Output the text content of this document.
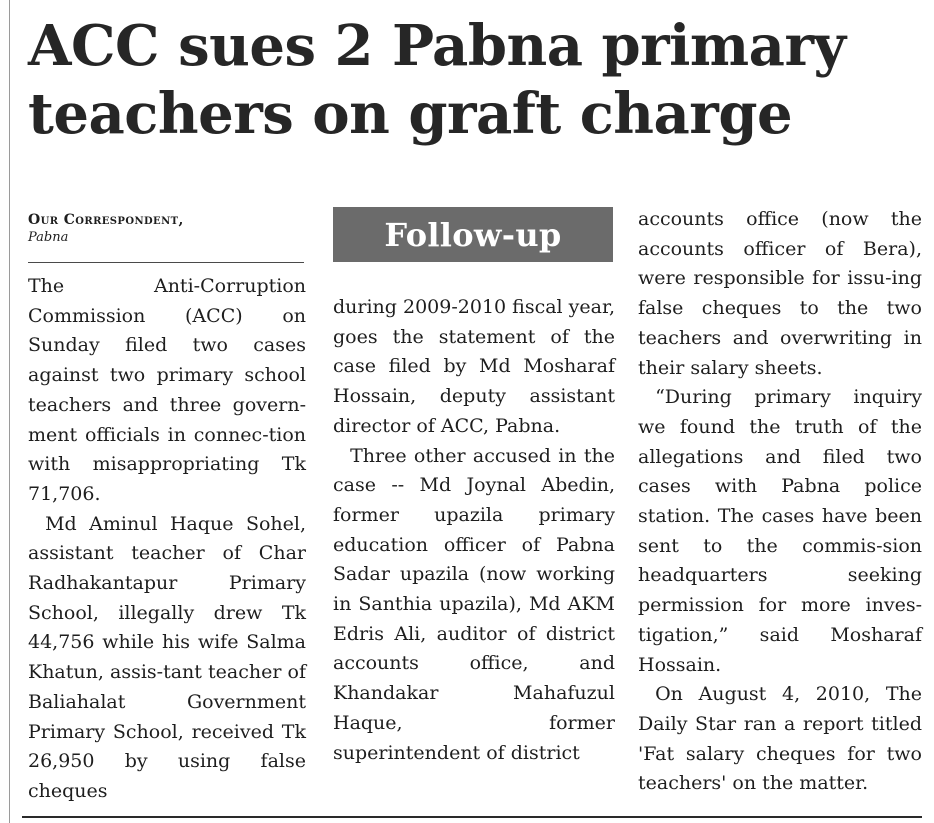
ACC sues 2 Pabna primary
teachers on graft charge
Our Correspondent,
Pabna	Follow-up

The Anti-Corruption Commission (ACC) on Sunday filed two cases against two primary school teachers and three govern-ment officials in connec-tion with misappropriating Tk 71,706.

Md Aminul Haque Sohel, assistant teacher of Char Radhakantapur Primary School, illegally drew Tk 44,756 while his wife Salma Khatun, assis-tant teacher of Baliahalat Government Primary School, received Tk 26,950 by using false cheques

during 2009-2010 fiscal year, goes the statement of the case filed by Md Mosharaf Hossain, deputy assistant director of ACC, Pabna.

Three other accused in the case -- Md Joynal Abedin, former upazila primary education officer of Pabna Sadar upazila (now working in Santhia upazila), Md AKM Edris Ali, auditor of district accounts office, and Khandakar Mahafuzul Haque, former superintendent of district

accounts office (now the accounts officer of Bera), were responsible for issu-ing false cheques to the two teachers and overwriting in their salary sheets.

“During primary inquiry we found the truth of the allegations and filed two cases with Pabna police station. The cases have been sent to the commis-sion headquarters seeking permission for more inves-tigation,” said Mosharaf Hossain.

On August 4, 2010, The Daily Star ran a report titled 'Fat salary cheques for two teachers' on the matter.
